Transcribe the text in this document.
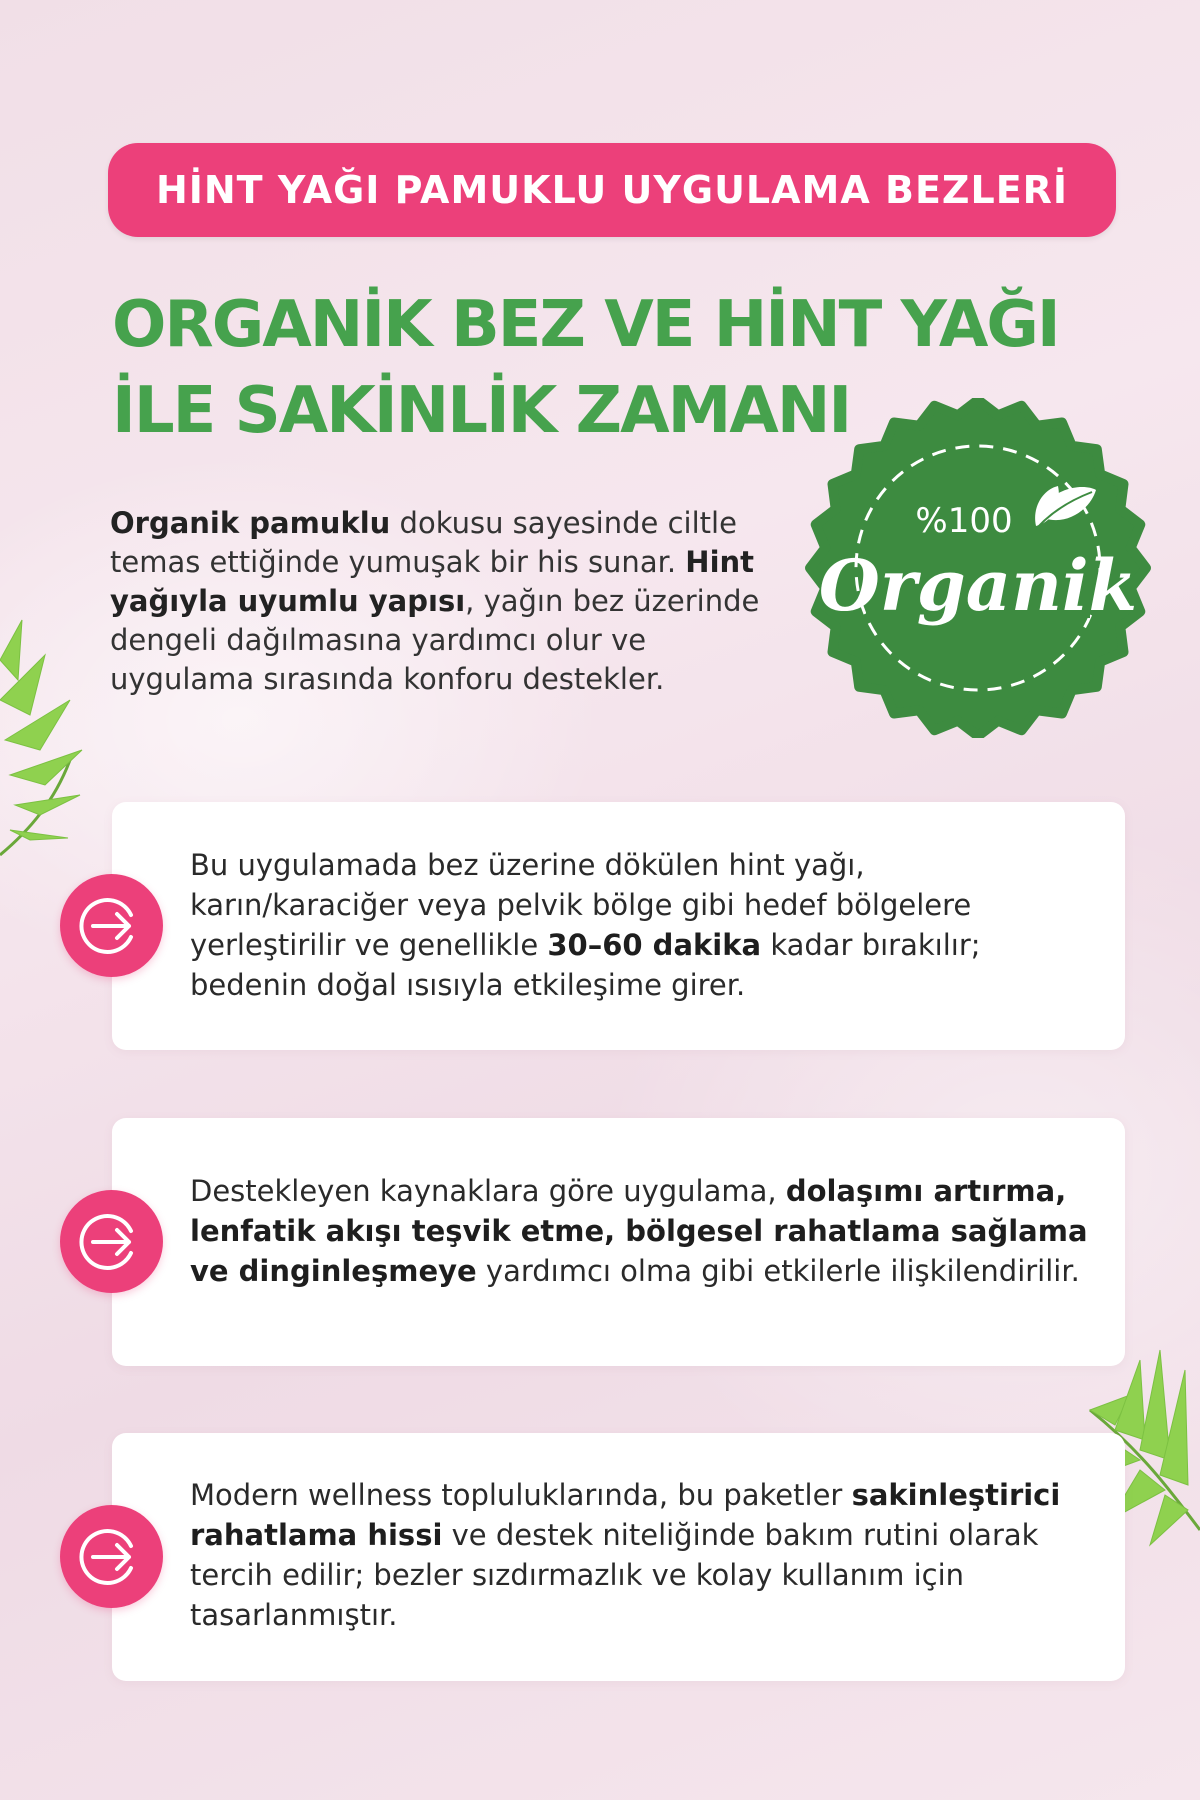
HİNT YAĞI PAMUKLU UYGULAMA BEZLERİ
ORGANİK BEZ VE HİNT YAĞI
İLE SAKİNLİK ZAMANI
Organik pamuklu dokusu sayesinde ciltle temas ettiğinde yumuşak bir his sunar. Hint yağıyla uyumlu yapısı, yağın bez üzerinde dengeli dağılmasına yardımcı olur ve uygulama sırasında konforu destekler.
%100
Organik
Bu uygulamada bez üzerine dökülen hint yağı, karın/karaciğer veya pelvik bölge gibi hedef bölgelere yerleştirilir ve genellikle 30–60 dakika kadar bırakılır; bedenin doğal ısısıyla etkileşime girer.
Destekleyen kaynaklara göre uygulama, dolaşımı artırma, lenfatik akışı teşvik etme, bölgesel rahatlama sağlama ve dinginleşmeye yardımcı olma gibi etkilerle ilişkilendirilir.
Modern wellness topluluklarında, bu paketler sakinleştirici rahatlama hissi ve destek niteliğinde bakım rutini olarak tercih edilir; bezler sızdırmazlık ve kolay kullanım için tasarlanmıştır.
